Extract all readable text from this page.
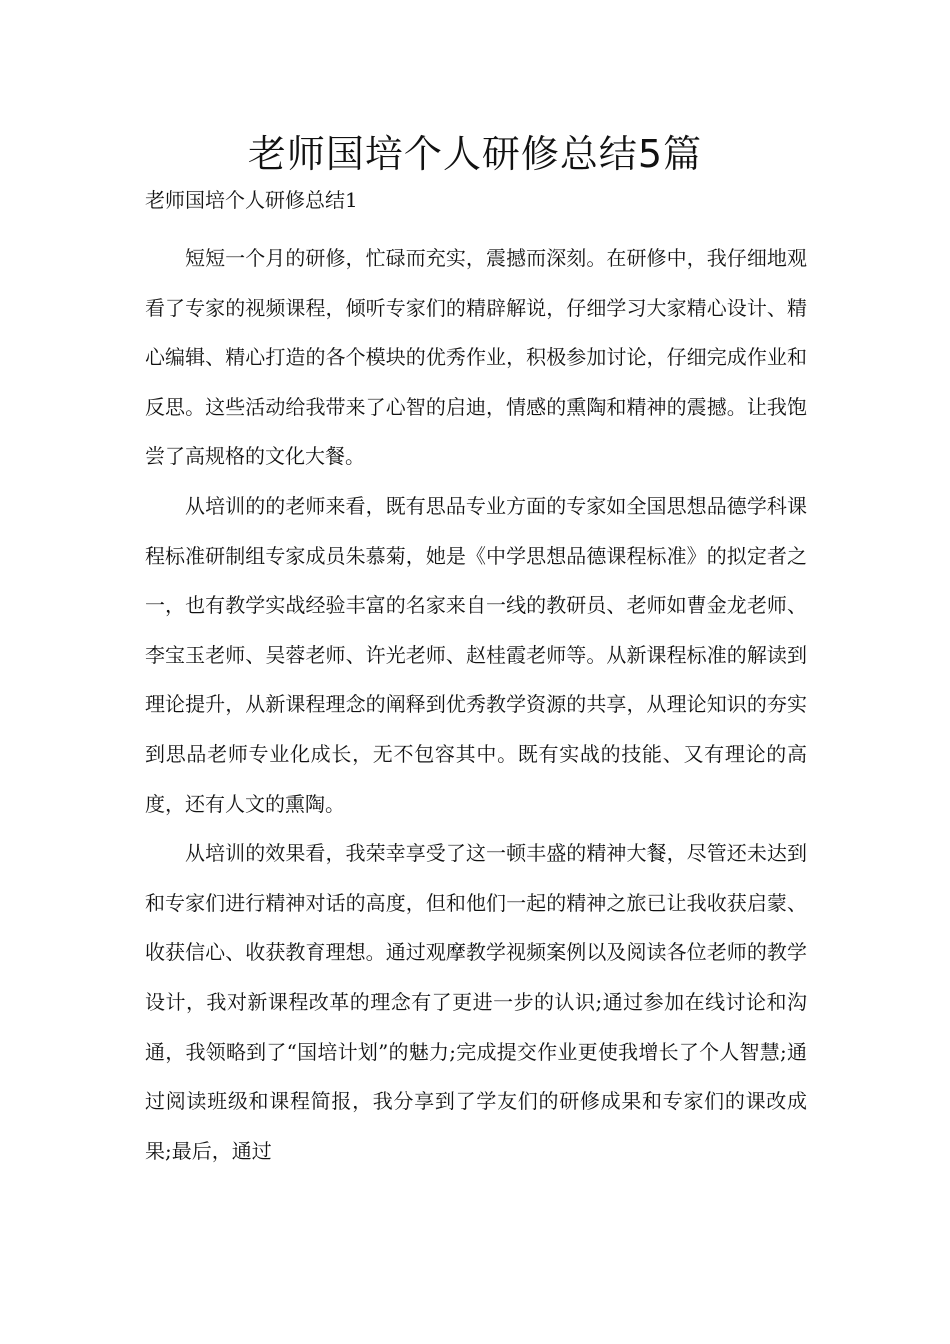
老师国培个人研修总结5篇
老师国培个人研修总结1

短短一个月的研修，忙碌而充实，震撼而深刻。在研修中，我仔细地观看了专家的视频课程，倾听专家们的精辟解说，仔细学习大家精心设计、精心编辑、精心打造的各个模块的优秀作业，积极参加讨论，仔细完成作业和反思。这些活动给我带来了心智的启迪，情感的熏陶和精神的震撼。让我饱尝了高规格的文化大餐。

从培训的的老师来看，既有思品专业方面的专家如全国思想品德学科课程标准研制组专家成员朱慕菊，她是《中学思想品德课程标准》的拟定者之一，也有教学实战经验丰富的名家来自一线的教研员、老师如曹金龙老师、李宝玉老师、吴蓉老师、许光老师、赵桂霞老师等。从新课程标准的解读到理论提升，从新课程理念的阐释到优秀教学资源的共享，从理论知识的夯实到思品老师专业化成长，无不包容其中。既有实战的技能、又有理论的高度，还有人文的熏陶。

从培训的效果看，我荣幸享受了这一顿丰盛的精神大餐，尽管还未达到和专家们进行精神对话的高度，但和他们一起的精神之旅已让我收获启蒙、收获信心、收获教育理想。通过观摩教学视频案例以及阅读各位老师的教学设计，我对新课程改革的理念有了更进一步的认识;通过参加在线讨论和沟通，我领略到了“国培计划”的魅力;完成提交作业更使我增长了个人智慧;通过阅读班级和课程简报，我分享到了学友们的研修成果和专家们的课改成果;最后，通过
